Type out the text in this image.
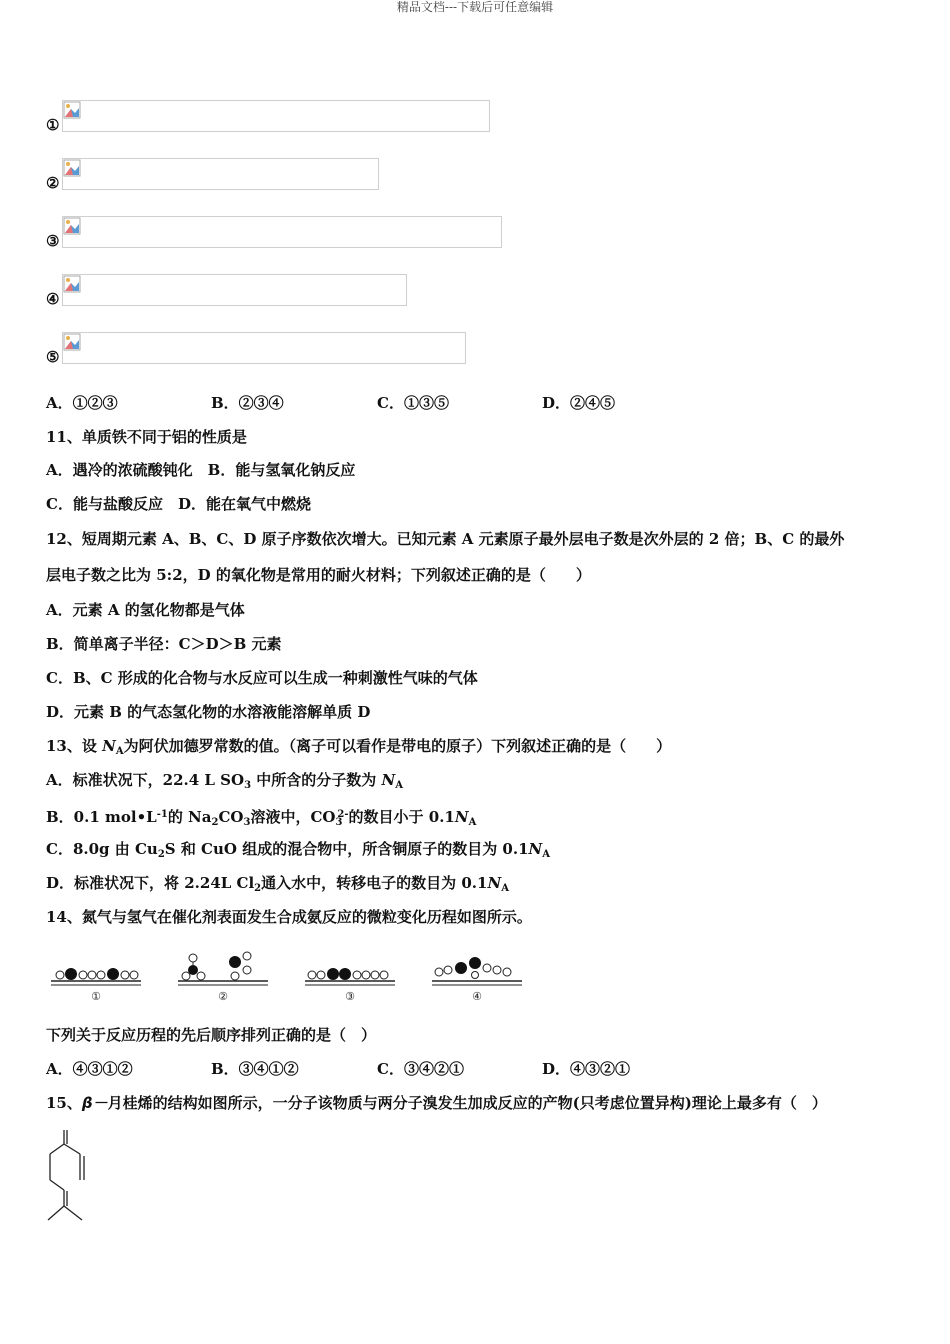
精品文档---下载后可任意编辑
①
②
③
④
⑤
A．①②③	B．②③④	C．①③⑤	D．②④⑤
11、单质铁不同于铝的性质是
A．遇冷的浓硫酸钝化　B．能与氢氧化钠反应
C．能与盐酸反应　D．能在氧气中燃烧
12、短周期元素 A、B、C、D 原子序数依次增大。已知元素 A 元素原子最外层电子数是次外层的 2 倍；B、C 的最外
层电子数之比为 5:2，D 的氧化物是常用的耐火材料；下列叙述正确的是（　　）
A．元素 A 的氢化物都是气体
B．简单离子半径：C＞D＞B 元素
C．B、C 形成的化合物与水反应可以生成一种刺激性气味的气体
D．元素 B 的气态氢化物的水溶液能溶解单质 D
13、设 $N_A$为阿伏加德罗常数的值。（离子可以看作是带电的原子）下列叙述正确的是（　　）
A．标准状况下，22.4 L $SO_3$ 中所含的分子数为 $N_A$
B．0.1 $mol•L^{-1}$的 $Na_2CO_3$溶液中，$CO_3^{2-}$的数目小于 $0.1N_A$
C．8.0g 由 $Cu_2S$ 和 CuO 组成的混合物中，所含铜原子的数目为 $0.1N_A$
D．标准状况下，将 2.24L $Cl_2$通入水中，转移电子的数目为 $0.1N_A$
14、氮气与氢气在催化剂表面发生合成氨反应的微粒变化历程如图所示。
①	②	③	④
下列关于反应历程的先后顺序排列正确的是（　）
A．④③①②	B．③④①②	C．③④②①	D．④③②①
15、β－月桂烯的结构如图所示，一分子该物质与两分子溴发生加成反应的产物(只考虑位置异构)理论上最多有（　）
